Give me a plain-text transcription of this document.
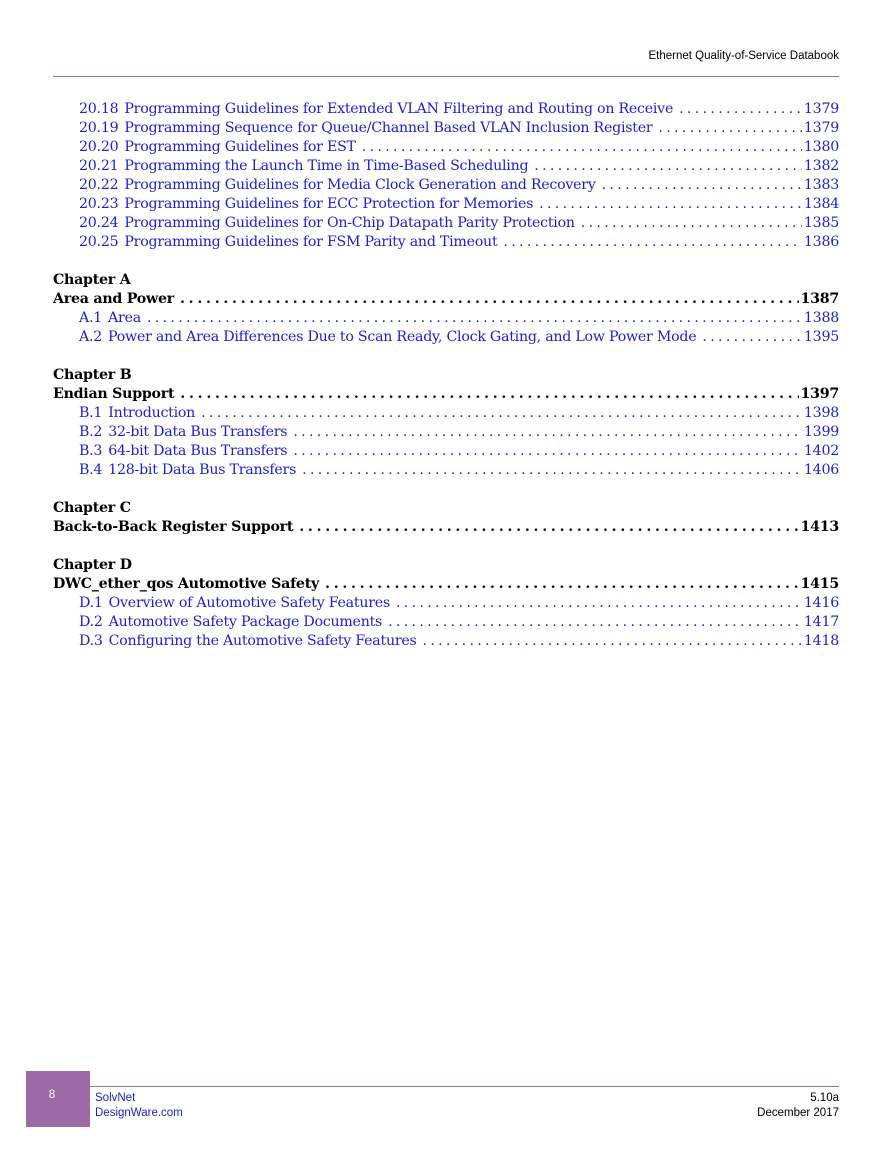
Ethernet Quality-of-Service Databook
20.18 Programming Guidelines for Extended VLAN Filtering and Routing on Receive . . .	1379
20.19 Programming Sequence for Queue/Channel Based VLAN Inclusion Register . . .	1379
20.20 Programming Guidelines for EST . . .	1380
20.21 Programming the Launch Time in Time-Based Scheduling . . .	1382
20.22 Programming Guidelines for Media Clock Generation and Recovery . . .	1383
20.23 Programming Guidelines for ECC Protection for Memories . . .	1384
20.24 Programming Guidelines for On-Chip Datapath Parity Protection . . .	1385
20.25 Programming Guidelines for FSM Parity and Timeout . . .	1386
Chapter A
Area and Power . . .	1387
A.1 Area . . .	1388
A.2 Power and Area Differences Due to Scan Ready, Clock Gating, and Low Power Mode . . .	1395
Chapter B
Endian Support . . .	1397
B.1 Introduction . . .	1398
B.2 32-bit Data Bus Transfers . . .	1399
B.3 64-bit Data Bus Transfers . . .	1402
B.4 128-bit Data Bus Transfers . . .	1406
Chapter C
Back-to-Back Register Support . . .	1413
Chapter D
DWC_ether_qos Automotive Safety . . .	1415
D.1 Overview of Automotive Safety Features . . .	1416
D.2 Automotive Safety Package Documents . . .	1417
D.3 Configuring the Automotive Safety Features . . .	1418
8	SolvNet
DesignWare.com
5.10a
December 2017
